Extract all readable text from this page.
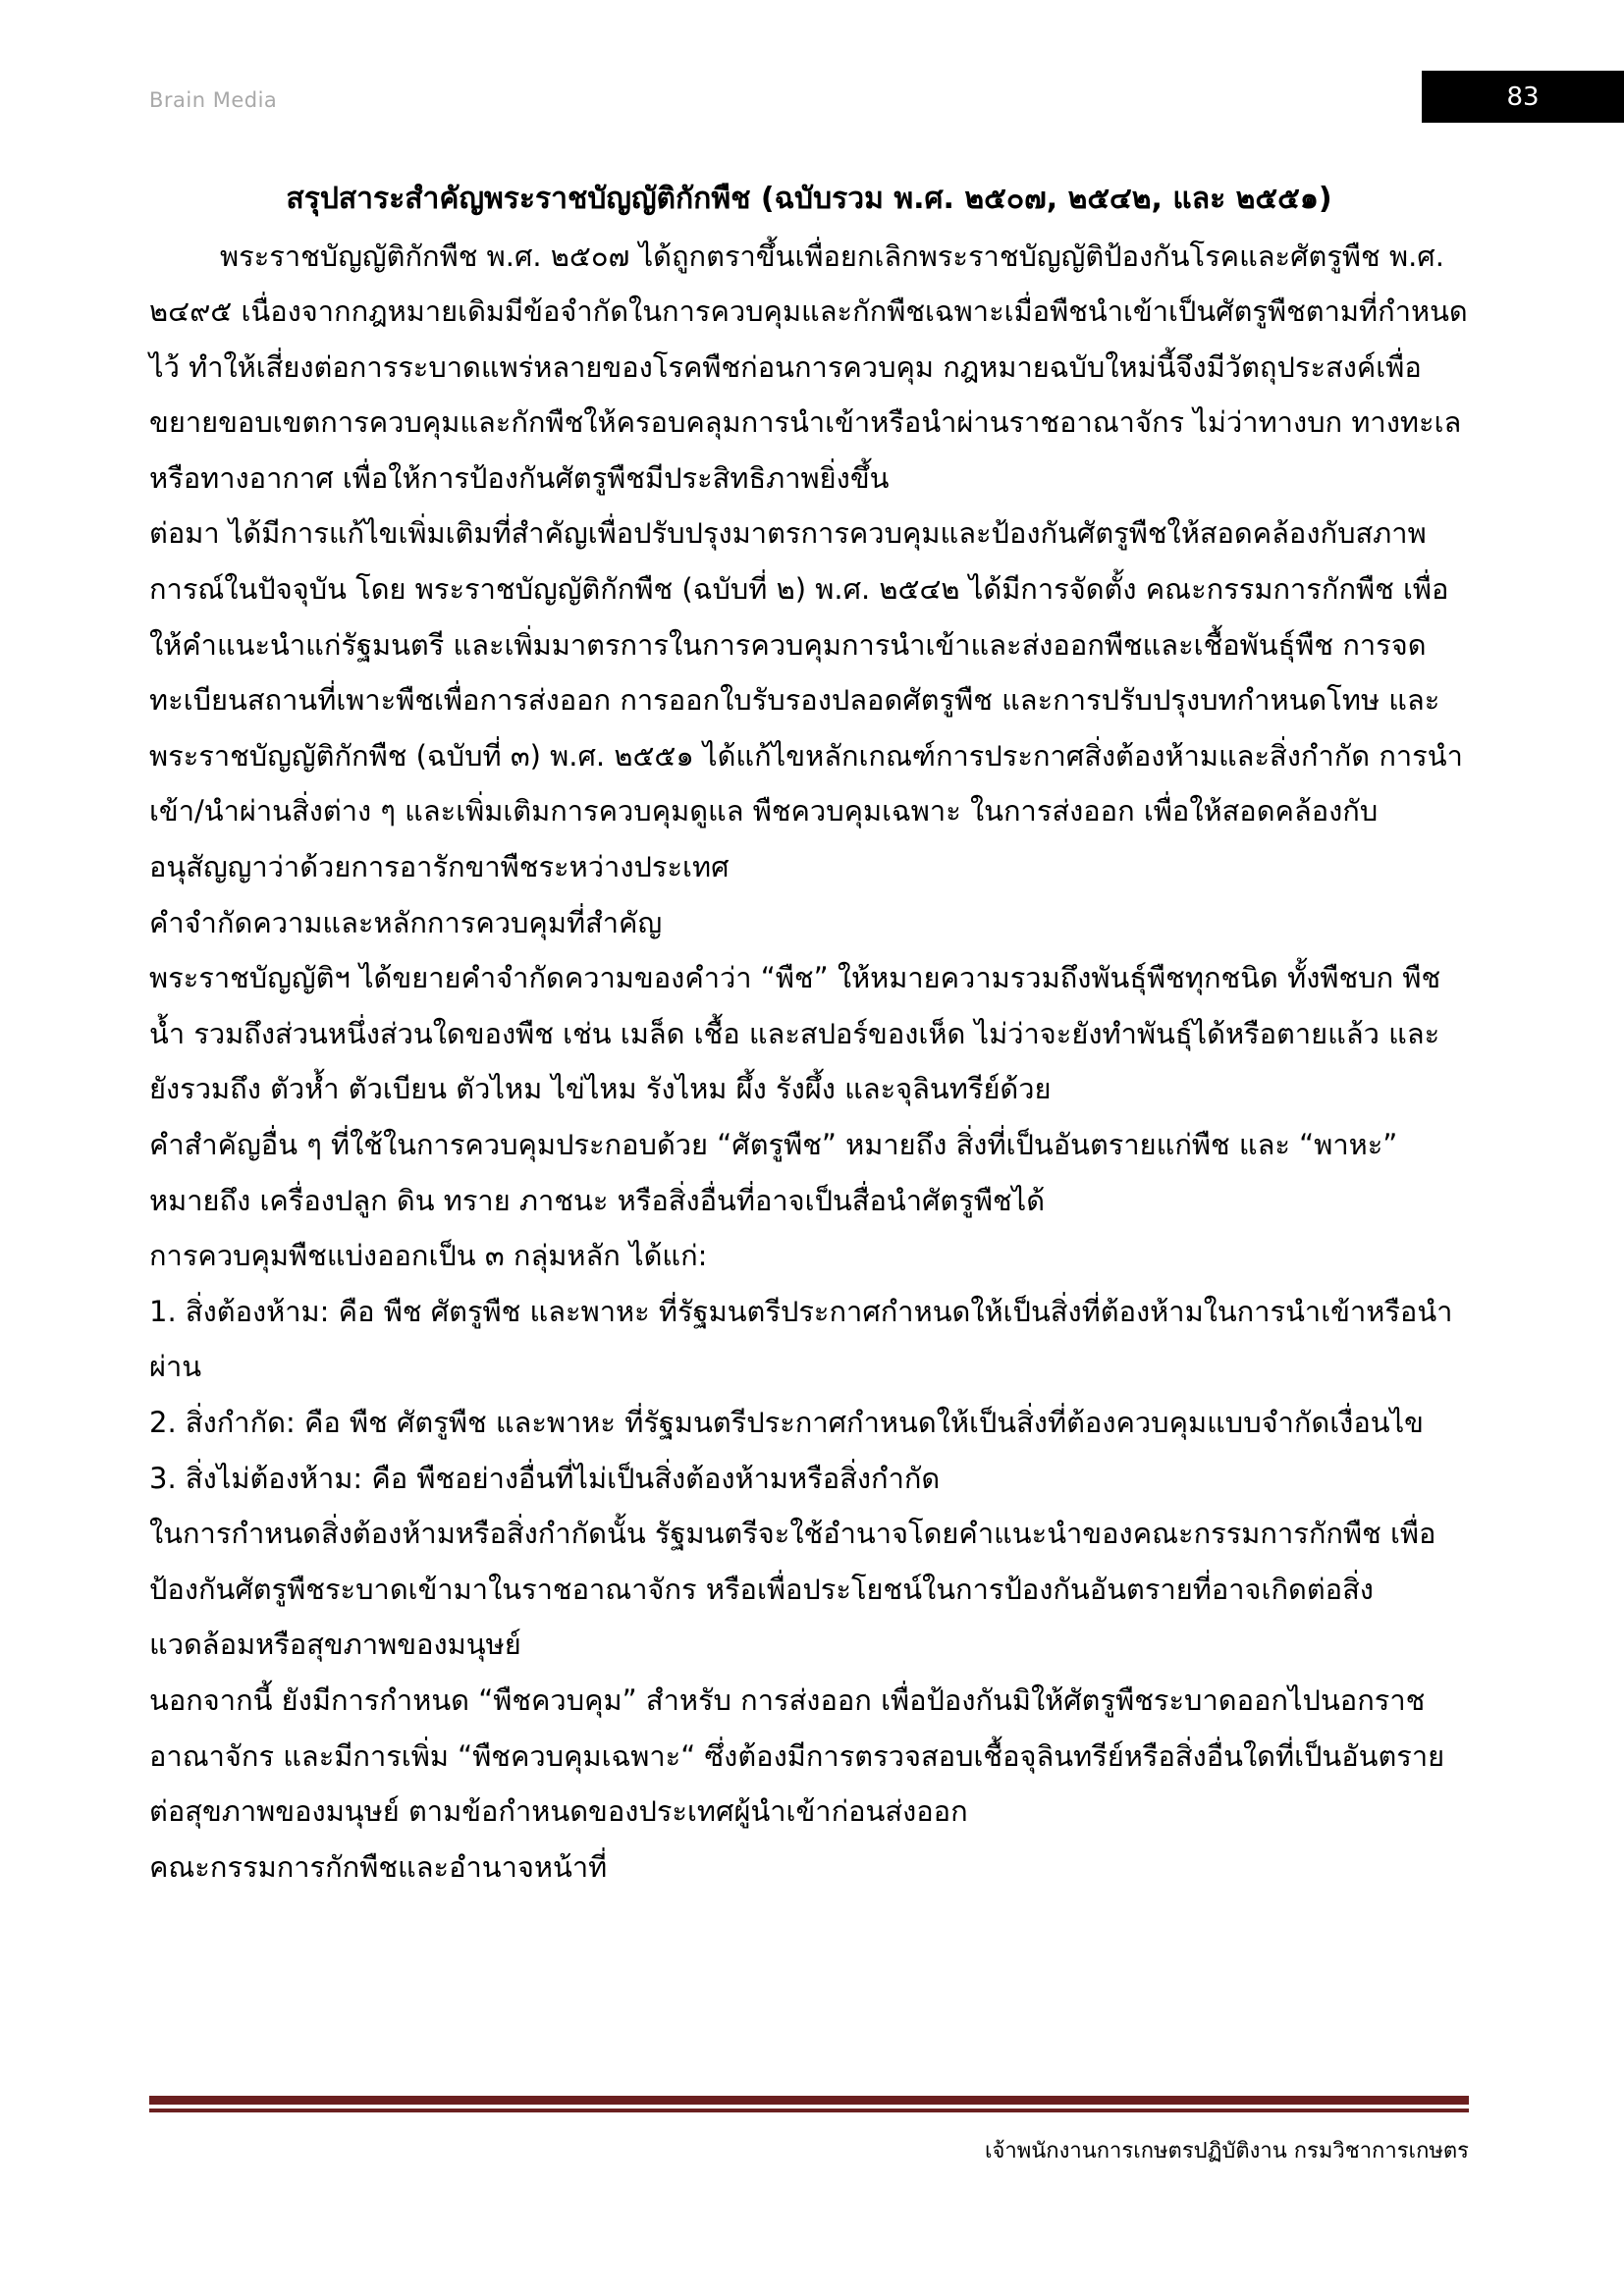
Brain Media	83
สรุปสาระสำคัญพระราชบัญญัติกักพืช (ฉบับรวม พ.ศ. ๒๕๐๗, ๒๕๔๒, และ ๒๕๕๑)

พระราชบัญญัติกักพืช พ.ศ. ๒๕๐๗ ได้ถูกตราขึ้นเพื่อยกเลิกพระราชบัญญัติป้องกันโรคและศัตรูพืช พ.ศ. ๒๔๙๕ เนื่องจากกฎหมายเดิมมีข้อจำกัดในการควบคุมและกักพืชเฉพาะเมื่อพืชนำเข้าเป็นศัตรูพืชตามที่กำหนดไว้ ทำให้เสี่ยงต่อการระบาดแพร่หลายของโรคพืชก่อนการควบคุม กฎหมายฉบับใหม่นี้จึงมีวัตถุประสงค์เพื่อขยายขอบเขตการควบคุมและกักพืชให้ครอบคลุมการนำเข้าหรือนำผ่านราชอาณาจักร ไม่ว่าทางบก ทางทะเล หรือทางอากาศ เพื่อให้การป้องกันศัตรูพืชมีประสิทธิภาพยิ่งขึ้น

ต่อมา ได้มีการแก้ไขเพิ่มเติมที่สำคัญเพื่อปรับปรุงมาตรการควบคุมและป้องกันศัตรูพืชให้สอดคล้องกับสภาพการณ์ในปัจจุบัน โดย พระราชบัญญัติกักพืช (ฉบับที่ ๒) พ.ศ. ๒๕๔๒ ได้มีการจัดตั้ง คณะกรรมการกักพืช เพื่อให้คำแนะนำแก่รัฐมนตรี และเพิ่มมาตรการในการควบคุมการนำเข้าและส่งออกพืชและเชื้อพันธุ์พืช การจดทะเบียนสถานที่เพาะพืชเพื่อการส่งออก การออกใบรับรองปลอดศัตรูพืช และการปรับปรุงบทกำหนดโทษ และ พระราชบัญญัติกักพืช (ฉบับที่ ๓) พ.ศ. ๒๕๕๑ ได้แก้ไขหลักเกณฑ์การประกาศสิ่งต้องห้ามและสิ่งกำกัด การนำเข้า/นำผ่านสิ่งต่าง ๆ และเพิ่มเติมการควบคุมดูแล พืชควบคุมเฉพาะ ในการส่งออก เพื่อให้สอดคล้องกับอนุสัญญาว่าด้วยการอารักขาพืชระหว่างประเทศ

คำจำกัดความและหลักการควบคุมที่สำคัญ

พระราชบัญญัติฯ ได้ขยายคำจำกัดความของคำว่า “พืช” ให้หมายความรวมถึงพันธุ์พืชทุกชนิด ทั้งพืชบก พืชน้ำ รวมถึงส่วนหนึ่งส่วนใดของพืช เช่น เมล็ด เชื้อ และสปอร์ของเห็ด ไม่ว่าจะยังทำพันธุ์ได้หรือตายแล้ว และยังรวมถึง ตัวห้ำ ตัวเบียน ตัวไหม ไข่ไหม รังไหม ผึ้ง รังผึ้ง และจุลินทรีย์ด้วย

คำสำคัญอื่น ๆ ที่ใช้ในการควบคุมประกอบด้วย “ศัตรูพืช” หมายถึง สิ่งที่เป็นอันตรายแก่พืช และ “พาหะ” หมายถึง เครื่องปลูก ดิน ทราย ภาชนะ หรือสิ่งอื่นที่อาจเป็นสื่อนำศัตรูพืชได้

การควบคุมพืชแบ่งออกเป็น ๓ กลุ่มหลัก ได้แก่:

1. สิ่งต้องห้าม: คือ พืช ศัตรูพืช และพาหะ ที่รัฐมนตรีประกาศกำหนดให้เป็นสิ่งที่ต้องห้ามในการนำเข้าหรือนำผ่าน

2. สิ่งกำกัด: คือ พืช ศัตรูพืช และพาหะ ที่รัฐมนตรีประกาศกำหนดให้เป็นสิ่งที่ต้องควบคุมแบบจำกัดเงื่อนไข

3. สิ่งไม่ต้องห้าม: คือ พืชอย่างอื่นที่ไม่เป็นสิ่งต้องห้ามหรือสิ่งกำกัด

ในการกำหนดสิ่งต้องห้ามหรือสิ่งกำกัดนั้น รัฐมนตรีจะใช้อำนาจโดยคำแนะนำของคณะกรรมการกักพืช เพื่อป้องกันศัตรูพืชระบาดเข้ามาในราชอาณาจักร หรือเพื่อประโยชน์ในการป้องกันอันตรายที่อาจเกิดต่อสิ่งแวดล้อมหรือสุขภาพของมนุษย์

นอกจากนี้ ยังมีการกำหนด “พืชควบคุม” สำหรับ การส่งออก เพื่อป้องกันมิให้ศัตรูพืชระบาดออกไปนอกราชอาณาจักร และมีการเพิ่ม “พืชควบคุมเฉพาะ“ ซึ่งต้องมีการตรวจสอบเชื้อจุลินทรีย์หรือสิ่งอื่นใดที่เป็นอันตรายต่อสุขภาพของมนุษย์ ตามข้อกำหนดของประเทศผู้นำเข้าก่อนส่งออก

คณะกรรมการกักพืชและอำนาจหน้าที่

เจ้าพนักงานการเกษตรปฏิบัติงาน กรมวิชาการเกษตร
